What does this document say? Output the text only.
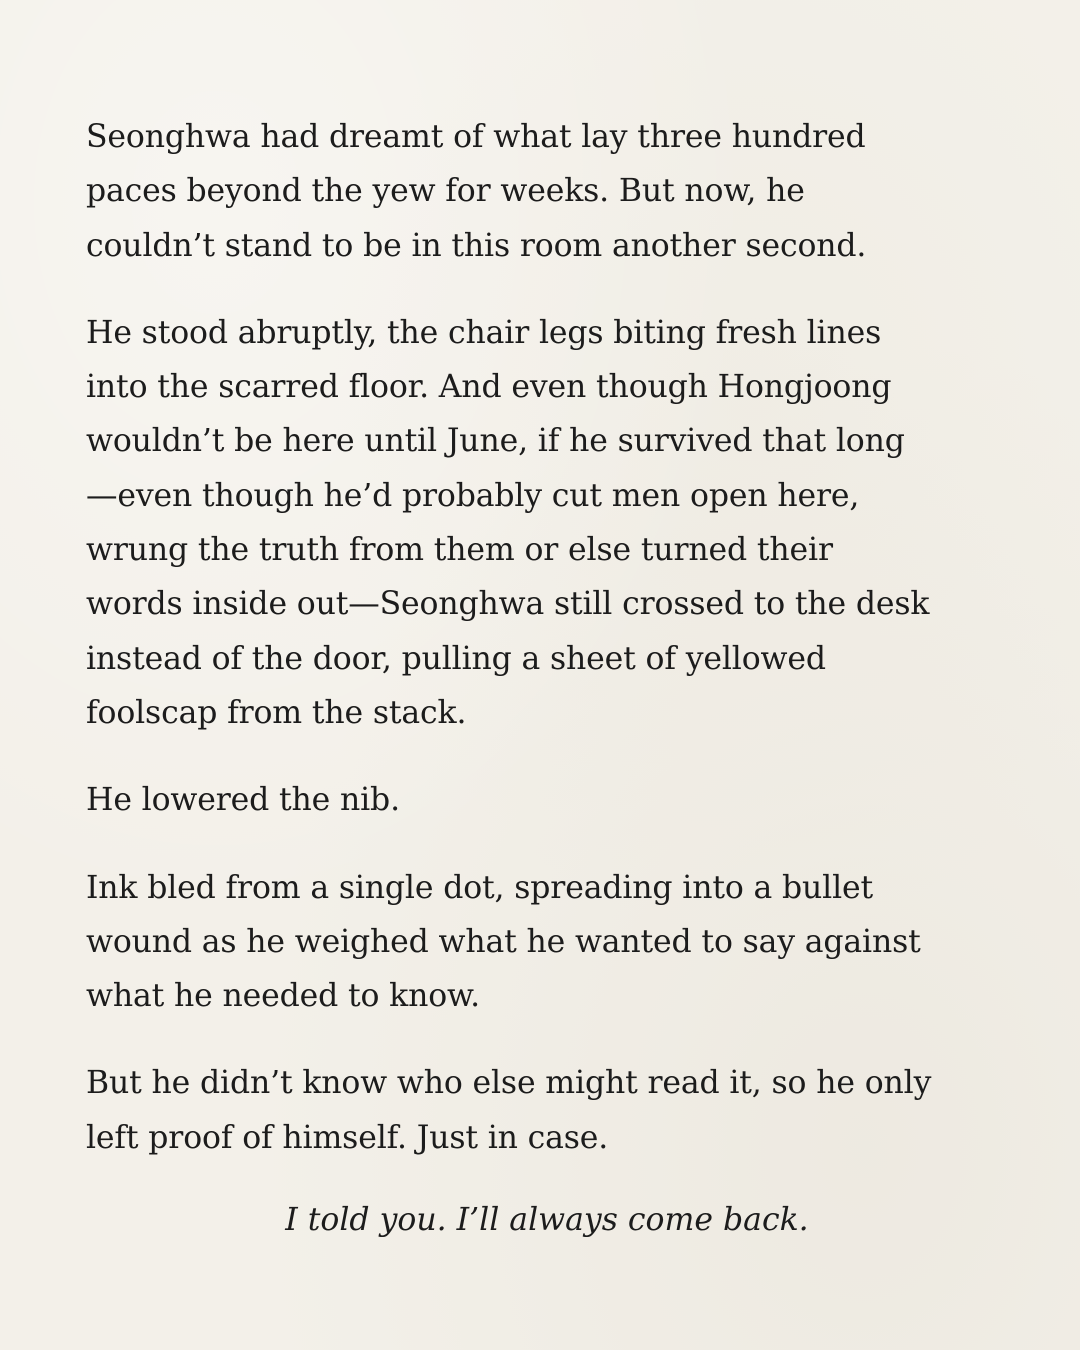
Seonghwa had dreamt of what lay three hundred
paces beyond the yew for weeks. But now, he
couldn’t stand to be in this room another second.

He stood abruptly, the chair legs biting fresh lines
into the scarred floor. And even though Hongjoong
wouldn’t be here until June, if he survived that long
—even though he’d probably cut men open here,
wrung the truth from them or else turned their
words inside out—Seonghwa still crossed to the desk
instead of the door, pulling a sheet of yellowed
foolscap from the stack.

He lowered the nib.

Ink bled from a single dot, spreading into a bullet
wound as he weighed what he wanted to say against
what he needed to know.

But he didn’t know who else might read it, so he only
left proof of himself. Just in case.

I told you. I’ll always come back.
